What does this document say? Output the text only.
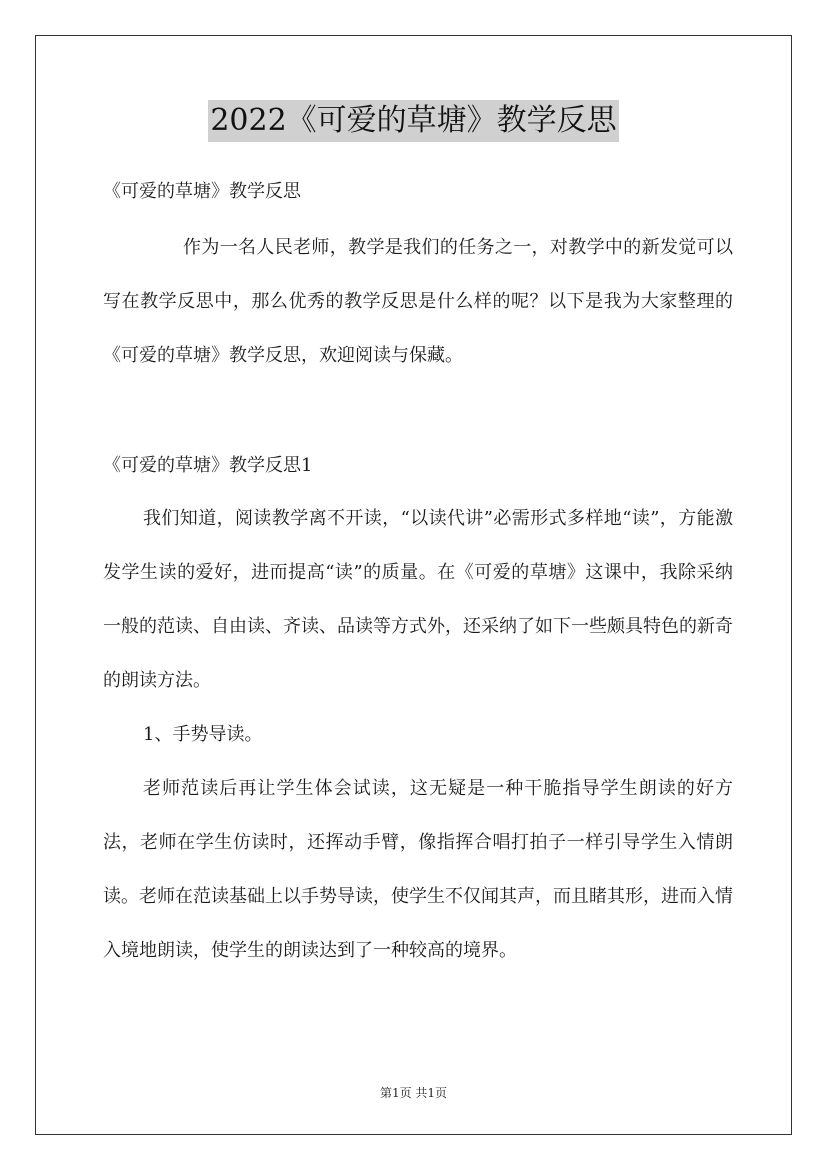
2022《可爱的草塘》教学反思
《可爱的草塘》教学反思

作为一名人民老师，教学是我们的任务之一，对教学中的新发觉可以写在教学反思中，那么优秀的教学反思是什么样的呢？以下是我为大家整理的《可爱的草塘》教学反思，欢迎阅读与保藏。

《可爱的草塘》教学反思1

我们知道，阅读教学离不开读，“以读代讲”必需形式多样地“读”，方能激发学生读的爱好，进而提高“读”的质量。在《可爱的草塘》这课中，我除采纳一般的范读、自由读、齐读、品读等方式外，还采纳了如下一些颇具特色的新奇的朗读方法。

1、手势导读。

老师范读后再让学生体会试读，这无疑是一种干脆指导学生朗读的好方法，老师在学生仿读时，还挥动手臂，像指挥合唱打拍子一样引导学生入情朗读。老师在范读基础上以手势导读，使学生不仅闻其声，而且睹其形，进而入情入境地朗读，使学生的朗读达到了一种较高的境界。

第1页 共1页
